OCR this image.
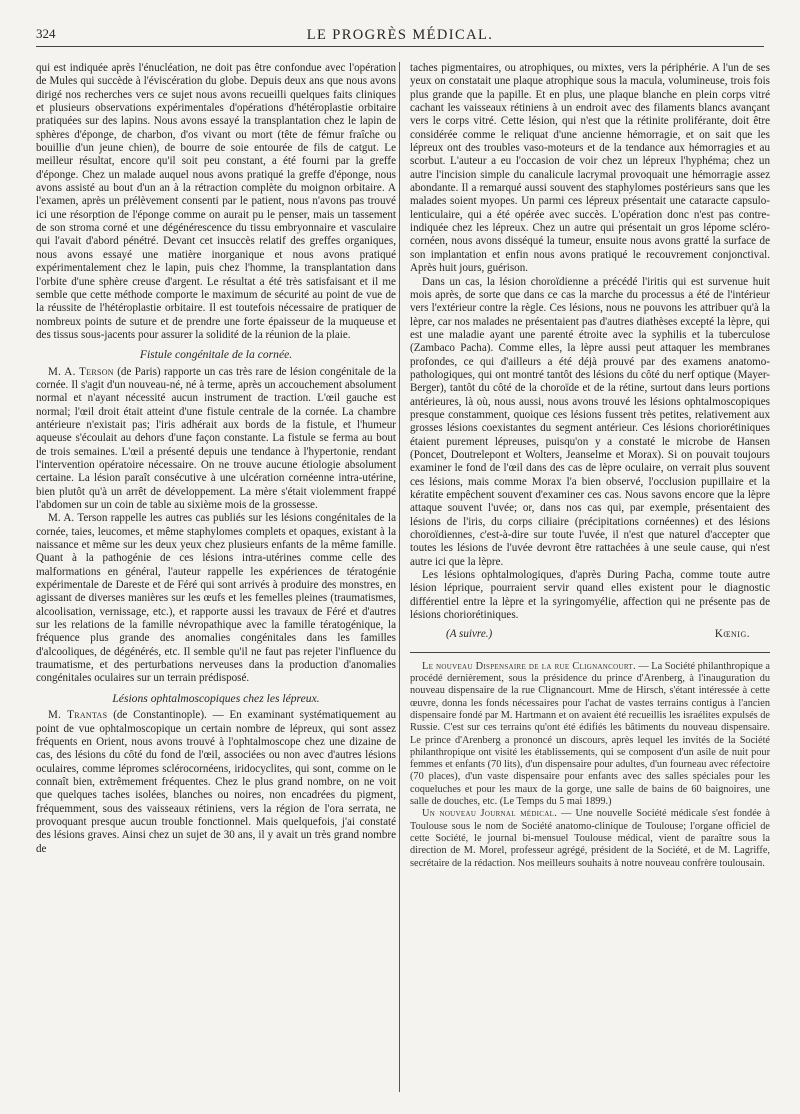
324	LE PROGRÈS MÉDICAL.

qui est indiquée après l'énucléation, ne doit pas être confondue avec l'opération de Mules qui succède à l'éviscération du globe. Depuis deux ans que nous avons dirigé nos recherches vers ce sujet nous avons recueilli quelques faits cliniques et plusieurs observations expérimentales d'opérations d'hétéroplastie orbitaire pratiquées sur des lapins. Nous avons essayé la transplantation chez le lapin de sphères d'éponge, de charbon, d'os vivant ou mort (tête de fémur fraîche ou bouillie d'un jeune chien), de bourre de soie entourée de fils de catgut. Le meilleur résultat, encore qu'il soit peu constant, a été fourni par la greffe d'éponge. Chez un malade auquel nous avons pratiqué la greffe d'éponge, nous avons assisté au bout d'un an à la rétraction complète du moignon orbitaire. A l'examen, après un prélèvement consenti par le patient, nous n'avons pas trouvé ici une résorption de l'éponge comme on aurait pu le penser, mais un tassement de son stroma corné et une dégénérescence du tissu embryonnaire et vasculaire qui l'avait d'abord pénétré. Devant cet insuccès relatif des greffes organiques, nous avons essayé une matière inorganique et nous avons pratiqué expérimentalement chez le lapin, puis chez l'homme, la transplantation dans l'orbite d'une sphère creuse d'argent. Le résultat a été très satisfaisant et il me semble que cette méthode comporte le maximum de sécurité au point de vue de la réussite de l'hétéroplastie orbitaire. Il est toutefois nécessaire de pratiquer de nombreux points de suture et de prendre une forte épaisseur de la muqueuse et des tissus sous-jacents pour assurer la solidité de la réunion de la plaie.

Fistule congénitale de la cornée.

M. A. Terson (de Paris) rapporte un cas très rare de lésion congénitale de la cornée. Il s'agit d'un nouveau-né, né à terme, après un accouchement absolument normal et n'ayant nécessité aucun instrument de traction. L'œil gauche est normal; l'œil droit était atteint d'une fistule centrale de la cornée. La chambre antérieure n'existait pas; l'iris adhérait aux bords de la fistule, et l'humeur aqueuse s'écoulait au dehors d'une façon constante. La fistule se ferma au bout de trois semaines. L'œil a présenté depuis une tendance à l'hypertonie, rendant l'intervention opératoire nécessaire. On ne trouve aucune étiologie absolument certaine. La lésion paraît consécutive à une ulcération cornéenne intra-utérine, bien plutôt qu'à un arrêt de développement. La mère s'était violemment frappé l'abdomen sur un coin de table au sixième mois de la grossesse.

M. A. Terson rappelle les autres cas publiés sur les lésions congénitales de la cornée, taies, leucomes, et même staphylomes complets et opaques, existant à la naissance et même sur les deux yeux chez plusieurs enfants de la même famille. Quant à la pathogénie de ces lésions intra-utérines comme celle des malformations en général, l'auteur rappelle les expériences de tératogénie expérimentale de Dareste et de Féré qui sont arrivés à produire des monstres, en agissant de diverses manières sur les œufs et les femelles pleines (traumatismes, alcoolisation, vernissage, etc.), et rapporte aussi les travaux de Féré et d'autres sur les relations de la famille névropathique avec la famille tératogénique, la fréquence plus grande des anomalies congénitales dans les familles d'alcooliques, de dégénérés, etc. Il semble qu'il ne faut pas rejeter l'influence du traumatisme, et des perturbations nerveuses dans la production d'anomalies congénitales oculaires sur un terrain prédisposé.

Lésions ophtalmoscopiques chez les lépreux.

M. Trantas (de Constantinople). — En examinant systématiquement au point de vue ophtalmoscopique un certain nombre de lépreux, qui sont assez fréquents en Orient, nous avons trouvé à l'ophtalmoscope chez une dizaine de cas, des lésions du côté du fond de l'œil, associées ou non avec d'autres lésions oculaires, comme lépromes sclérocornéens, iridocyclites, qui sont, comme on le connaît bien, extrêmement fréquentes. Chez le plus grand nombre, on ne voit que quelques taches isolées, blanches ou noires, non encadrées du pigment, fréquemment, sous des vaisseaux rétiniens, vers la région de l'ora serrata, ne provoquant presque aucun trouble fonctionnel. Mais quelquefois, j'ai constaté des lésions graves. Ainsi chez un sujet de 30 ans, il y avait un très grand nombre de

taches pigmentaires, ou atrophiques, ou mixtes, vers la périphérie. A l'un de ses yeux on constatait une plaque atrophique sous la macula, volumineuse, trois fois plus grande que la papille. Et en plus, une plaque blanche en plein corps vitré cachant les vaisseaux rétiniens à un endroit avec des filaments blancs avançant vers le corps vitré. Cette lésion, qui n'est que la rétinite proliférante, doit être considérée comme le reliquat d'une ancienne hémorragie, et on sait que les lépreux ont des troubles vaso-moteurs et de la tendance aux hémorragies et au scorbut. L'auteur a eu l'occasion de voir chez un lépreux l'hyphéma; chez un autre l'incision simple du canalicule lacrymal provoquait une hémorragie assez abondante. Il a remarqué aussi souvent des staphylomes postérieurs sans que les malades soient myopes. Un parmi ces lépreux présentait une cataracte capsulo-lenticulaire, qui a été opérée avec succès. L'opération donc n'est pas contre-indiquée chez les lépreux. Chez un autre qui présentait un gros lépome scléro-cornéen, nous avons disséqué la tumeur, ensuite nous avons gratté la surface de son implantation et enfin nous avons pratiqué le recouvrement conjonctival. Après huit jours, guérison.

Dans un cas, la lésion choroïdienne a précédé l'iritis qui est survenue huit mois après, de sorte que dans ce cas la marche du processus a été de l'intérieur vers l'extérieur contre la règle. Ces lésions, nous ne pouvons les attribuer qu'à la lèpre, car nos malades ne présentaient pas d'autres diathèses excepté la lèpre, qui est une maladie ayant une parenté étroite avec la syphilis et la tuberculose (Zambaco Pacha). Comme elles, la lèpre aussi peut attaquer les membranes profondes, ce qui d'ailleurs a été déjà prouvé par des examens anatomo-pathologiques, qui ont montré tantôt des lésions du côté du nerf optique (Mayer-Berger), tantôt du côté de la choroïde et de la rétine, surtout dans leurs portions antérieures, là où, nous aussi, nous avons trouvé les lésions ophtalmoscopiques presque constamment, quoique ces lésions fussent très petites, relativement aux grosses lésions coexistantes du segment antérieur. Ces lésions choriorétiniques étaient purement lépreuses, puisqu'on y a constaté le microbe de Hansen (Poncet, Doutrelepont et Wolters, Jeanselme et Morax). Si on pouvait toujours examiner le fond de l'œil dans des cas de lèpre oculaire, on verrait plus souvent ces lésions, mais comme Morax l'a bien observé, l'occlusion pupillaire et la kératite empêchent souvent d'examiner ces cas. Nous savons encore que la lèpre attaque souvent l'uvée; or, dans nos cas qui, par exemple, présentaient des lésions de l'iris, du corps ciliaire (précipitations cornéennes) et des lésions choroïdiennes, c'est-à-dire sur toute l'uvée, il n'est que naturel d'accepter que toutes les lésions de l'uvée devront être rattachées à une seule cause, qui n'est autre ici que la lèpre.

Les lésions ophtalmologiques, d'après During Pacha, comme toute autre lésion léprique, pourraient servir quand elles existent pour le diagnostic différentiel entre la lèpre et la syringomyélie, affection qui ne présente pas de lésions choriorétiniques.

(A suivre.)	Kœnig.

Le nouveau Dispensaire de la rue Clignancourt. — La Société philanthropique a procédé dernièrement, sous la présidence du prince d'Arenberg, à l'inauguration du nouveau dispensaire de la rue Clignancourt. Mme de Hirsch, s'étant intéressée à cette œuvre, donna les fonds nécessaires pour l'achat de vastes terrains contigus à l'ancien dispensaire fondé par M. Hartmann et on avaient été recueillis les israélites expulsés de Russie. C'est sur ces terrains qu'ont été édifiés les bâtiments du nouveau dispensaire. Le prince d'Arenberg a prononcé un discours, après lequel les invités de la Société philanthropique ont visité les établissements, qui se composent d'un asile de nuit pour femmes et enfants (70 lits), d'un dispensaire pour adultes, d'un fourneau avec réfectoire (70 places), d'un vaste dispensaire pour enfants avec des salles spéciales pour les coqueluches et pour les maux de la gorge, une salle de bains de 60 baignoires, une salle de douches, etc. (Le Temps du 5 mai 1899.)

Un nouveau Journal médical. — Une nouvelle Société médicale s'est fondée à Toulouse sous le nom de Société anatomo-clinique de Toulouse; l'organe officiel de cette Société, le journal bi-mensuel Toulouse médical, vient de paraître sous la direction de M. Morel, professeur agrégé, président de la Société, et de M. Lagriffe, secrétaire de la rédaction. Nos meilleurs souhaits à notre nouveau confrère toulousain.
